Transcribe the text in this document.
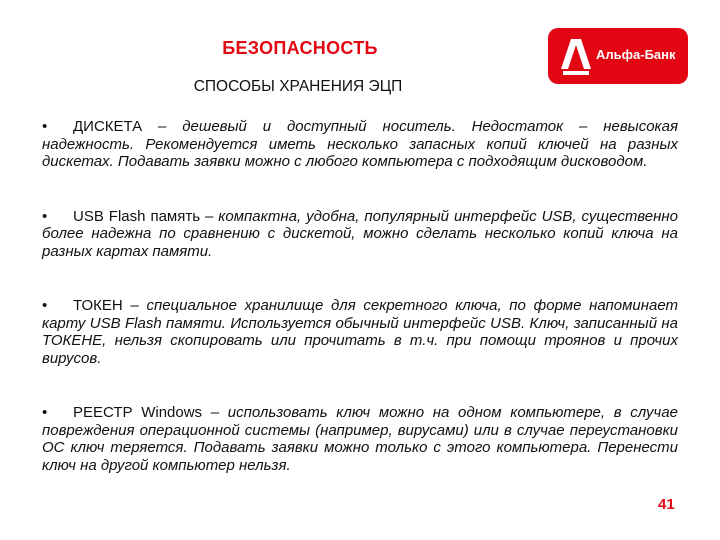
БЕЗОПАСНОСТЬ
СПОСОБЫ ХРАНЕНИЯ ЭЦП
Альфа-Банк

• ДИСКЕТА – дешевый и доступный носитель. Недостаток – невысокая надежность. Рекомендуется иметь несколько запасных копий ключей на разных дискетах. Подавать заявки можно с любого компьютера с подходящим дисководом.

• USB Flash память – компактна, удобна, популярный интерфейс USB, существенно более надежна по сравнению с дискетой, можно сделать несколько копий ключа на разных картах памяти.

• ТОКЕН – специальное хранилище для секретного ключа, по форме напоминает карту USB Flash памяти. Используется обычный интерфейс USB. Ключ, записанный на ТОКЕНЕ, нельзя скопировать или прочитать в т.ч. при помощи троянов и прочих вирусов.

• РЕЕСТР Windows – использовать ключ можно на одном компьютере, в случае повреждения операционной системы (например, вирусами) или в случае переустановки ОС ключ теряется. Подавать заявки можно только с этого компьютера. Перенести ключ на другой компьютер нельзя.

41
